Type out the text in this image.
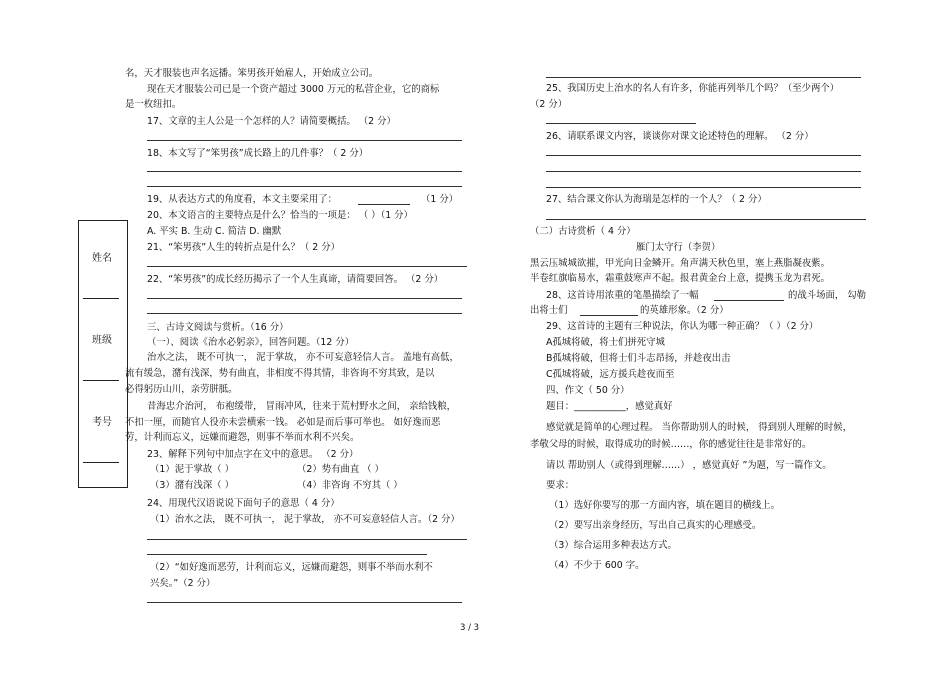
姓名
班级
考号
名，天才服装也声名远播。笨男孩开始雇人，开始成立公司。
现在天才服装公司已是一个资产超过 3000 万元的私营企业，它的商标
是一枚纽扣。
17、文章的主人公是一个怎样的人？请简要概括。 （2 分）
18、本文写了“笨男孩”成长路上的几件事？（ 2 分）
19、从表达方式的角度看，本文主要采用了：	（1 分）
20、本文语言的主要特点是什么？恰当的一项是： （ ）（1 分）
A. 平实 B. 生动 C. 简洁 D. 幽默
21、“笨男孩”人生的转折点是什么？（ 2 分）
22、“笨男孩”的成长经历揭示了一个人生真谛，请简要回答。 （2 分）
三、古诗文阅读与赏析。（16 分）
（一）、阅读《治水必躬亲》，回答问题。（12 分）
治水之法， 既不可执一， 泥于掌故， 亦不可妄意轻信人言。 盖地有高低，
流有缓急，潴有浅深，势有曲直，非相度不得其情，非咨询不穷其致，是以
必得躬历山川，亲劳胼胝。
昔海忠介治河， 布袍缓带， 冒雨冲风，往来于荒村野水之间， 亲给钱粮，
不扣一厘，而随官人役亦未尝横索一钱。 必如是而后事可举也。 如好逸而恶
劳，计利而忘义，远嫌而避怨，则事不举而水利不兴矣。
23、解释下列句中加点字在文中的意思。 （2 分）
（1）泥于掌故（ ）	（2）势有曲直 （ ）
（3）潴有浅深（ ）	（4）非咨询 不穷其（ ）
24、用现代汉语说说下面句子的意思（ 4 分）
（1）治水之法， 既不可执一， 泥于掌故， 亦不可妄意轻信人言。（2 分）
（2）“如好逸而恶劳，计利而忘义，远嫌而避怨，则事不举而水利不
兴矣。”（2 分）
25、我国历史上治水的名人有许多，你能再列举几个吗？（至少两个）
（2 分）
26、请联系课文内容，谈谈你对课文论述特色的理解。 （2 分）
27、结合课文你认为海瑞是怎样的一个人？（ 2 分）
（二）古诗赏析（ 4 分）
雁门太守行（李贺）
黑云压城城欲摧，甲光向日金鳞开。角声满天秋色里，塞上燕脂凝夜紫。
半卷红旗临易水，霜重鼓寒声不起。报君黄金台上意，提携玉龙为君死。
28、这首诗用浓重的笔墨描绘了一幅	的战斗场面， 勾勒
出将士们	的英雄形象。（2 分）
29、这首诗的主题有三种说法，你认为哪一种正确？（ ）（2 分）
A孤城将破，将士们拼死守城
B孤城将破，但将士们斗志昂扬，并趁夜出击
C孤城将破，远方援兵趁夜而至
四、作文（ 50 分）
题目：___________，感觉真好
感觉就是简单的心理过程。 当你帮助别人的时候， 得到别人理解的时候，
孝敬父母的时候，取得成功的时候……，你的感觉往往是非常好的。
请以 帮助别人（或得到理解……） ，感觉真好 ”为题，写一篇作文。
要求：
（1）选好你要写的那一方面内容，填在题目的横线上。
（2）要写出亲身经历，写出自己真实的心理感受。
（3）综合运用多种表达方式。
（4）不少于 600 字。
3 / 3
